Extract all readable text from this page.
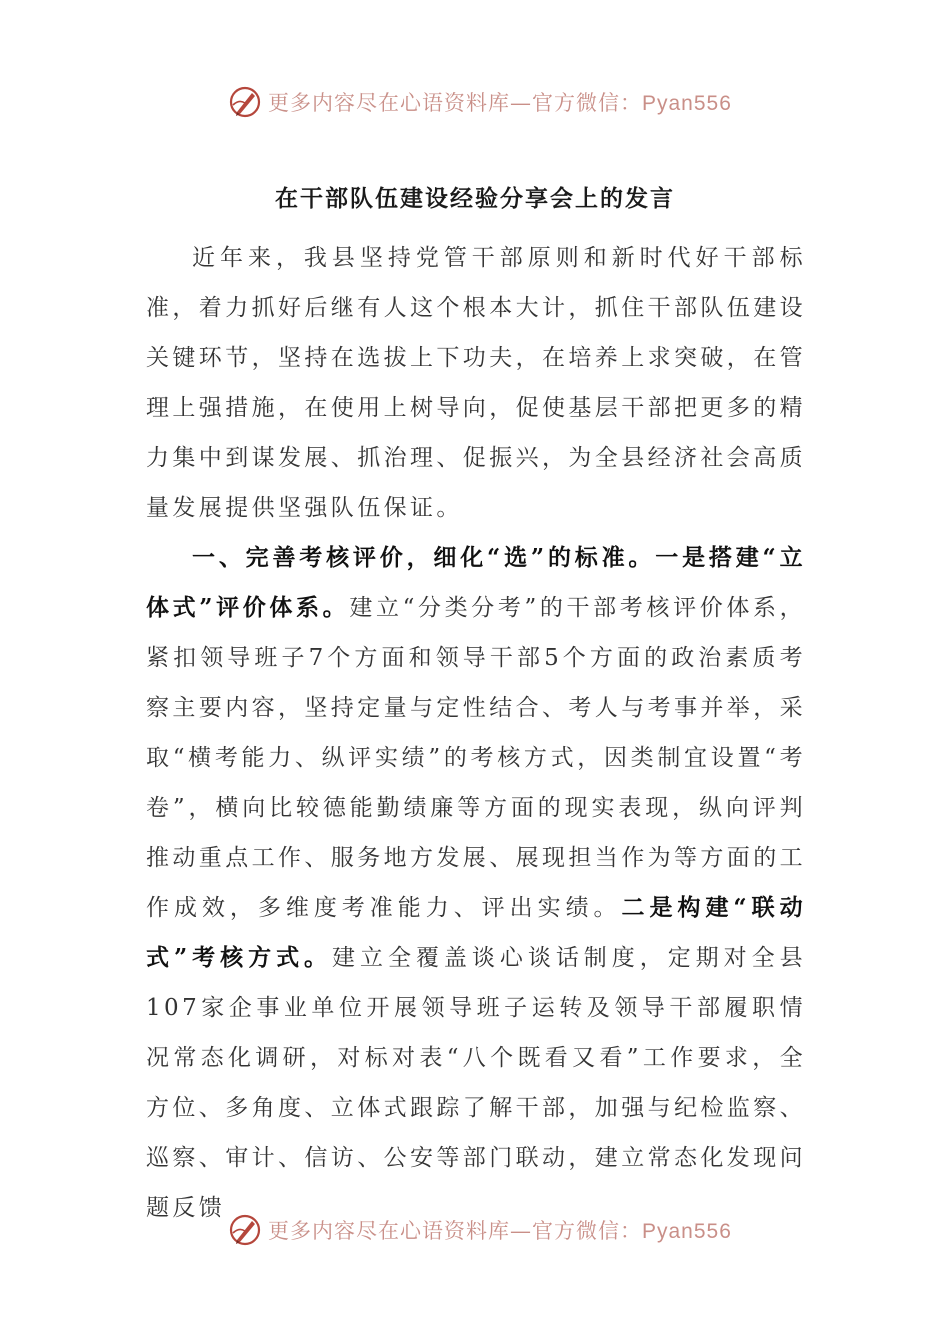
更多内容尽在心语资料库—官方微信：Pyan556
在干部队伍建设经验分享会上的发言

近年来，我县坚持党管干部原则和新时代好干部标准，着力抓好后继有人这个根本大计，抓住干部队伍建设关键环节，坚持在选拔上下功夫，在培养上求突破，在管理上强措施，在使用上树导向，促使基层干部把更多的精力集中到谋发展、抓治理、促振兴，为全县经济社会高质量发展提供坚强队伍保证。

一、完善考核评价，细化“选”的标准。一是搭建“立体式”评价体系。建立“分类分考”的干部考核评价体系，紧扣领导班子7个方面和领导干部5个方面的政治素质考察主要内容，坚持定量与定性结合、考人与考事并举，采取“横考能力、纵评实绩”的考核方式，因类制宜设置“考卷”，横向比较德能勤绩廉等方面的现实表现，纵向评判推动重点工作、服务地方发展、展现担当作为等方面的工作成效，多维度考准能力、评出实绩。二是构建“联动式”考核方式。建立全覆盖谈心谈话制度，定期对全县107家企事业单位开展领导班子运转及领导干部履职情况常态化调研，对标对表“八个既看又看”工作要求，全方位、多角度、立体式跟踪了解干部，加强与纪检监察、巡察、审计、信访、公安等部门联动，建立常态化发现问题反馈

更多内容尽在心语资料库—官方微信：Pyan556
